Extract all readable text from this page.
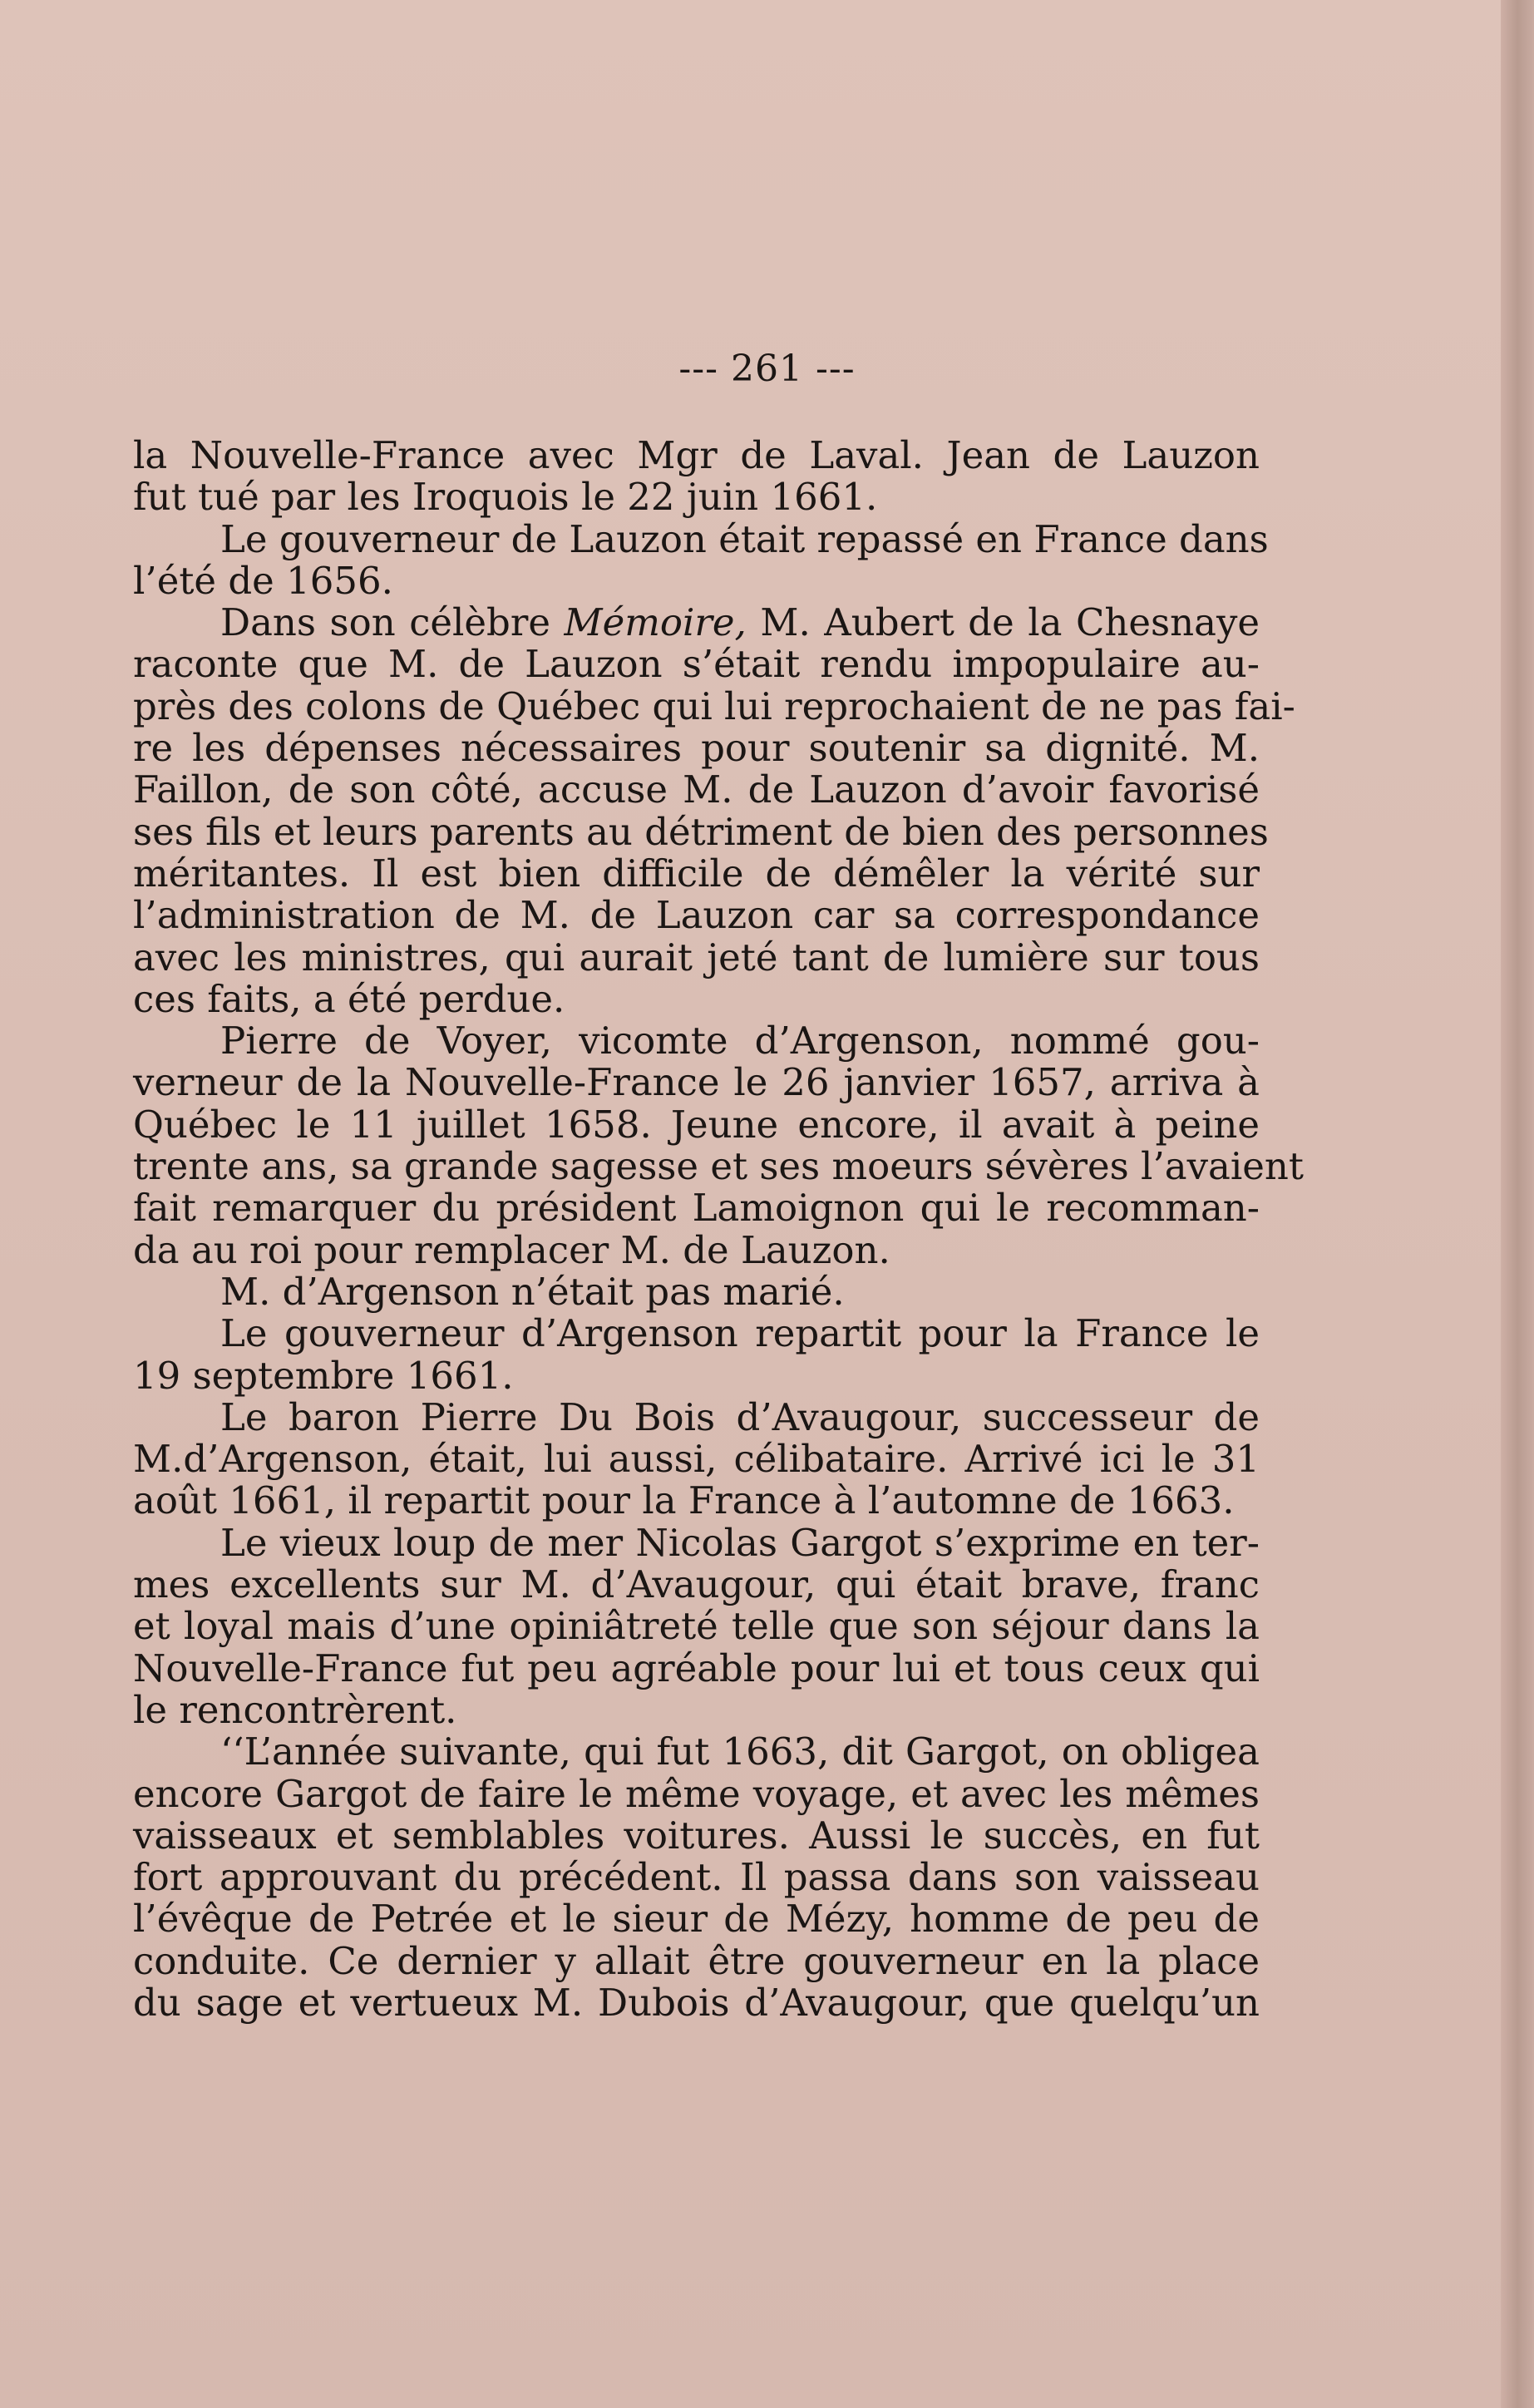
--- 261 ---
la Nouvelle-France avec Mgr de Laval. Jean de Lauzon
fut tué par les Iroquois le 22 juin 1661.
Le gouverneur de Lauzon était repassé en France dans
l’été de 1656.
Dans son célèbre Mémoire, M. Aubert de la Chesnaye
raconte que M. de Lauzon s’était rendu impopulaire au-
près des colons de Québec qui lui reprochaient de ne pas fai-
re les dépenses nécessaires pour soutenir sa dignité. M.
Faillon, de son côté, accuse M. de Lauzon d’avoir favorisé
ses fils et leurs parents au détriment de bien des personnes
méritantes. Il est bien difficile de démêler la vérité sur
l’administration de M. de Lauzon car sa correspondance
avec les ministres, qui aurait jeté tant de lumière sur tous
ces faits, a été perdue.
Pierre de Voyer, vicomte d’Argenson, nommé gou-
verneur de la Nouvelle-France le 26 janvier 1657, arriva à
Québec le 11 juillet 1658. Jeune encore, il avait à peine
trente ans, sa grande sagesse et ses moeurs sévères l’avaient
fait remarquer du président Lamoignon qui le recomman-
da au roi pour remplacer M. de Lauzon.
M. d’Argenson n’était pas marié.
Le gouverneur d’Argenson repartit pour la France le
19 septembre 1661.
Le baron Pierre Du Bois d’Avaugour, successeur de
M.d’Argenson, était, lui aussi, célibataire. Arrivé ici le 31
août 1661, il repartit pour la France à l’automne de 1663.
Le vieux loup de mer Nicolas Gargot s’exprime en ter-
mes excellents sur M. d’Avaugour, qui était brave, franc
et loyal mais d’une opiniâtreté telle que son séjour dans la
Nouvelle-France fut peu agréable pour lui et tous ceux qui
le rencontrèrent.
‘‘L’année suivante, qui fut 1663, dit Gargot, on obligea
encore Gargot de faire le même voyage, et avec les mêmes
vaisseaux et semblables voitures. Aussi le succès, en fut
fort approuvant du précédent. Il passa dans son vaisseau
l’évêque de Petrée et le sieur de Mézy, homme de peu de
conduite. Ce dernier y allait être gouverneur en la place
du sage et vertueux M. Dubois d’Avaugour, que quelqu’un
